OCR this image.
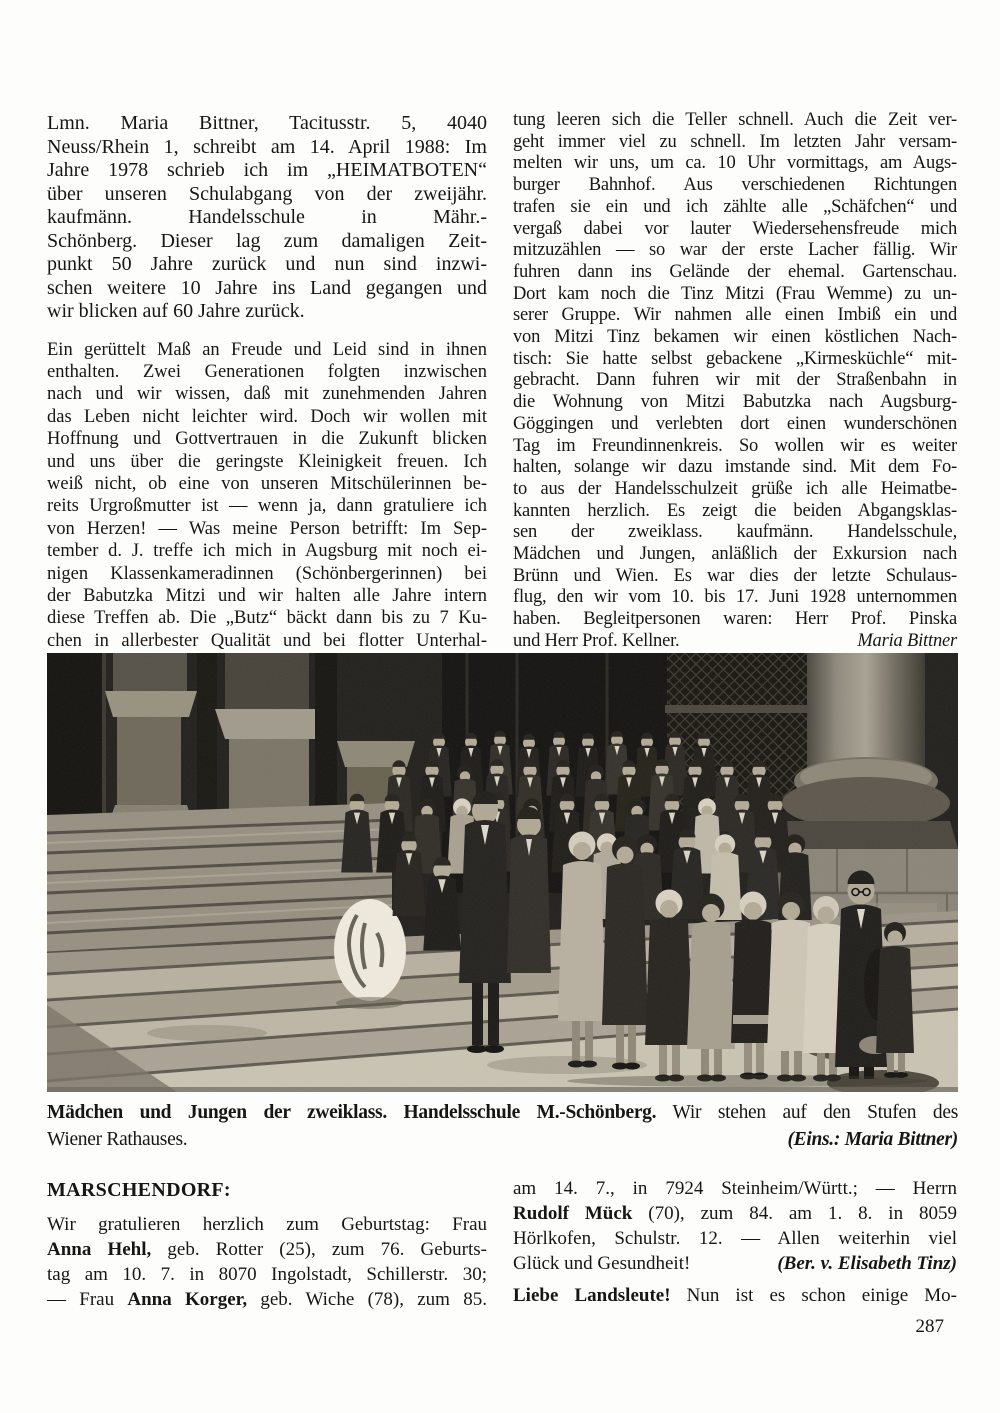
Lmn. Maria Bittner, Tacitusstr. 5, 4040
Neuss/Rhein 1, schreibt am 14. April 1988: Im
Jahre 1978 schrieb ich im „HEIMATBOTEN“
über unseren Schulabgang von der zweijähr.
kaufmänn. Handelsschule in Mähr.-
Schönberg. Dieser lag zum damaligen Zeit-
punkt 50 Jahre zurück und nun sind inzwi-
schen weitere 10 Jahre ins Land gegangen und
wir blicken auf 60 Jahre zurück.
Ein gerüttelt Maß an Freude und Leid sind in ihnen
enthalten. Zwei Generationen folgten inzwischen
nach und wir wissen, daß mit zunehmenden Jahren
das Leben nicht leichter wird. Doch wir wollen mit
Hoffnung und Gottvertrauen in die Zukunft blicken
und uns über die geringste Kleinigkeit freuen. Ich
weiß nicht, ob eine von unseren Mitschülerinnen be-
reits Urgroßmutter ist — wenn ja, dann gratuliere ich
von Herzen! — Was meine Person betrifft: Im Sep-
tember d. J. treffe ich mich in Augsburg mit noch ei-
nigen Klassenkameradinnen (Schönbergerinnen) bei
der Babutzka Mitzi und wir halten alle Jahre intern
diese Treffen ab. Die „Butz“ bäckt dann bis zu 7 Ku-
chen in allerbester Qualität und bei flotter Unterhal-
tung leeren sich die Teller schnell. Auch die Zeit ver-
geht immer viel zu schnell. Im letzten Jahr versam-
melten wir uns, um ca. 10 Uhr vormittags, am Augs-
burger Bahnhof. Aus verschiedenen Richtungen
trafen sie ein und ich zählte alle „Schäfchen“ und
vergaß dabei vor lauter Wiedersehensfreude mich
mitzuzählen — so war der erste Lacher fällig. Wir
fuhren dann ins Gelände der ehemal. Gartenschau.
Dort kam noch die Tinz Mitzi (Frau Wemme) zu un-
serer Gruppe. Wir nahmen alle einen Imbiß ein und
von Mitzi Tinz bekamen wir einen köstlichen Nach-
tisch: Sie hatte selbst gebackene „Kirmesküchle“ mit-
gebracht. Dann fuhren wir mit der Straßenbahn in
die Wohnung von Mitzi Babutzka nach Augsburg-
Göggingen und verlebten dort einen wunderschönen
Tag im Freundinnenkreis. So wollen wir es weiter
halten, solange wir dazu imstande sind. Mit dem Fo-
to aus der Handelsschulzeit grüße ich alle Heimatbe-
kannten herzlich. Es zeigt die beiden Abgangsklas-
sen der zweiklass. kaufmänn. Handelsschule,
Mädchen und Jungen, anläßlich der Exkursion nach
Brünn und Wien. Es war dies der letzte Schulaus-
flug, den wir vom 10. bis 17. Juni 1928 unternommen
haben. Begleitpersonen waren: Herr Prof. Pinska
und Herr Prof. Kellner.	Maria Bittner
Mädchen und Jungen der zweiklass. Handelsschule M.-Schönberg. Wir stehen auf den Stufen des
Wiener Rathauses.	(Eins.: Maria Bittner)
MARSCHENDORF:
Wir gratulieren herzlich zum Geburtstag: Frau
Anna Hehl, geb. Rotter (25), zum 76. Geburts-
tag am 10. 7. in 8070 Ingolstadt, Schillerstr. 30;
— Frau Anna Korger, geb. Wiche (78), zum 85.
am 14. 7., in 7924 Steinheim/Württ.; — Herrn
Rudolf Mück (70), zum 84. am 1. 8. in 8059
Hörlkofen, Schulstr. 12. — Allen weiterhin viel
Glück und Gesundheit!	(Ber. v. Elisabeth Tinz)
Liebe Landsleute! Nun ist es schon einige Mo-
287
